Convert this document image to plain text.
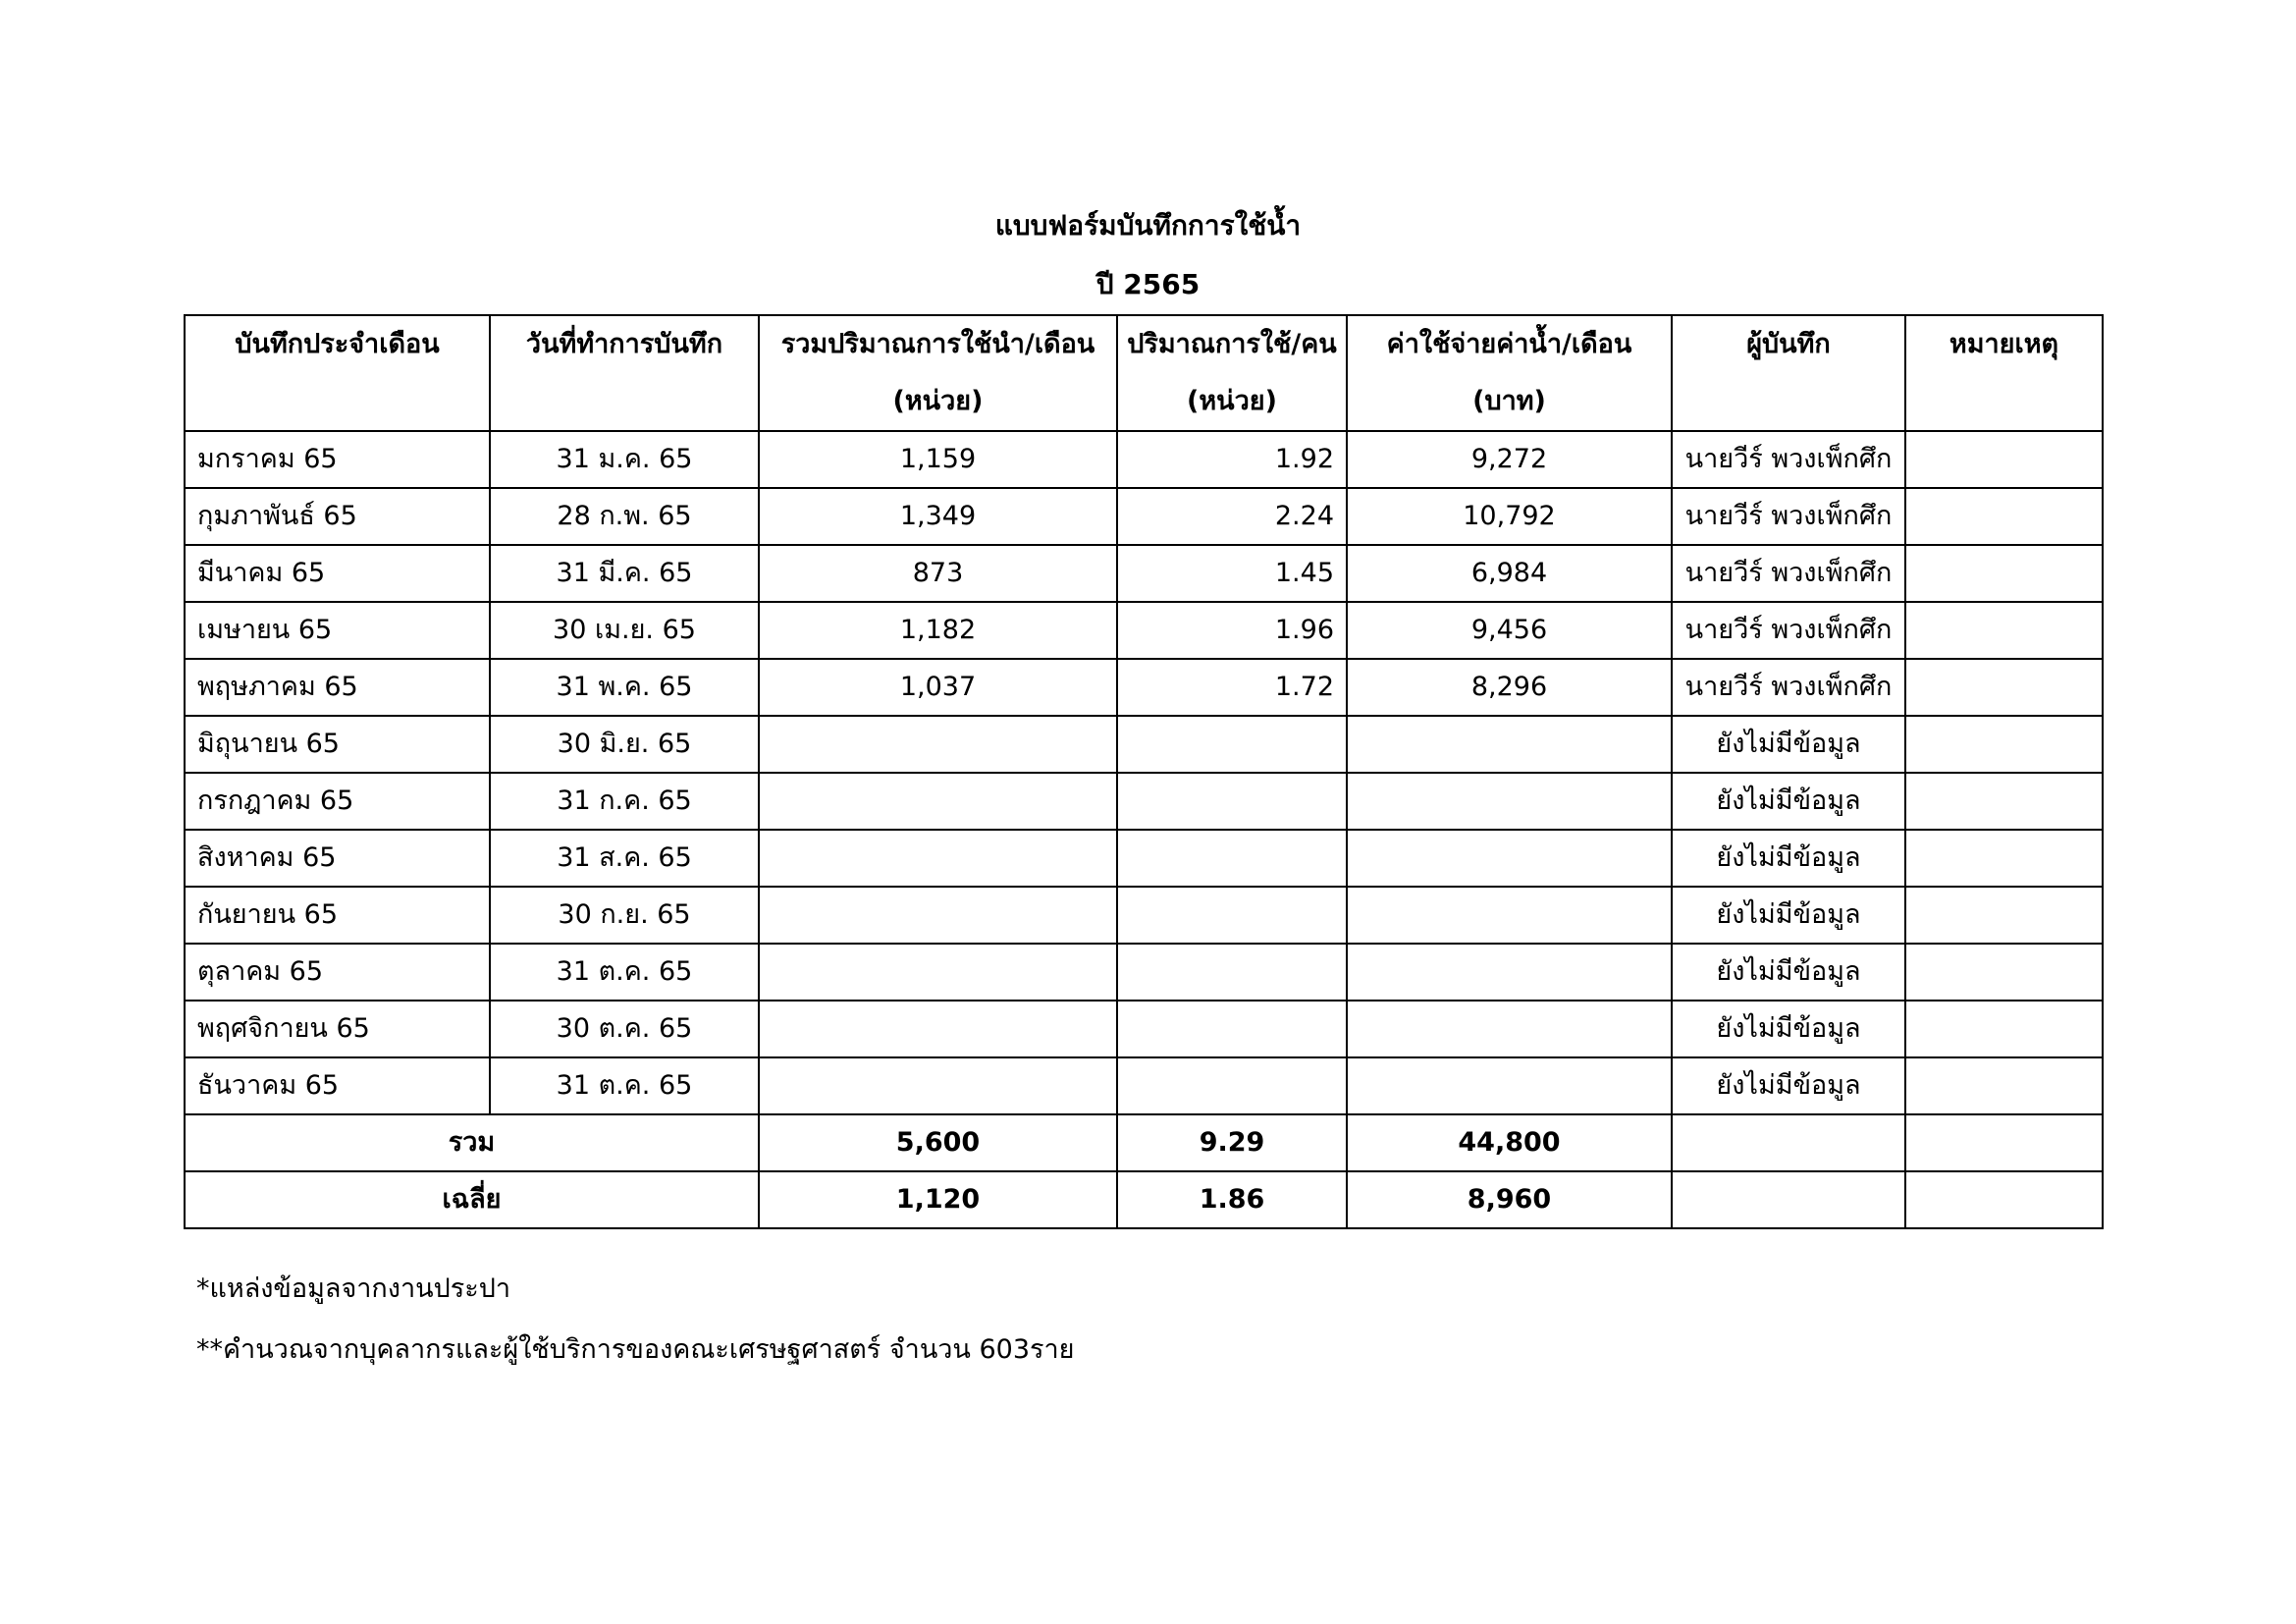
แบบฟอร์มบันทึกการใช้น้ำ
ปี 2565
บันทึกประจำเดือน	วันที่ทำการบันทึก	รวมปริมาณการใช้นำ/เดือน (หน่วย)	ปริมาณการใช้/คน (หน่วย)	ค่าใช้จ่ายค่าน้ำ/เดือน (บาท)	ผู้บันทึก	หมายเหตุ
มกราคม 65	31 ม.ค. 65	1,159	1.92	9,272	นายวีร์ พวงเพ็กศึก	
กุมภาพันธ์ 65	28 ก.พ. 65	1,349	2.24	10,792	นายวีร์ พวงเพ็กศึก	
มีนาคม 65	31 มี.ค. 65	873	1.45	6,984	นายวีร์ พวงเพ็กศึก	
เมษายน 65	30 เม.ย. 65	1,182	1.96	9,456	นายวีร์ พวงเพ็กศึก	
พฤษภาคม 65	31 พ.ค. 65	1,037	1.72	8,296	นายวีร์ พวงเพ็กศึก	
มิถุนายน 65	30 มิ.ย. 65				ยังไม่มีข้อมูล	
กรกฎาคม 65	31 ก.ค. 65				ยังไม่มีข้อมูล	
สิงหาคม 65	31 ส.ค. 65				ยังไม่มีข้อมูล	
กันยายน 65	30 ก.ย. 65				ยังไม่มีข้อมูล	
ตุลาคม 65	31 ต.ค. 65				ยังไม่มีข้อมูล	
พฤศจิกายน 65	30 ต.ค. 65				ยังไม่มีข้อมูล	
ธันวาคม 65	31 ต.ค. 65				ยังไม่มีข้อมูล	
รวม		5,600	9.29	44,800		
เฉลี่ย		1,120	1.86	8,960		
*แหล่งข้อมูลจากงานประปา
**คำนวณจากบุคลากรและผู้ใช้บริการของคณะเศรษฐศาสตร์ จำนวน 603ราย
